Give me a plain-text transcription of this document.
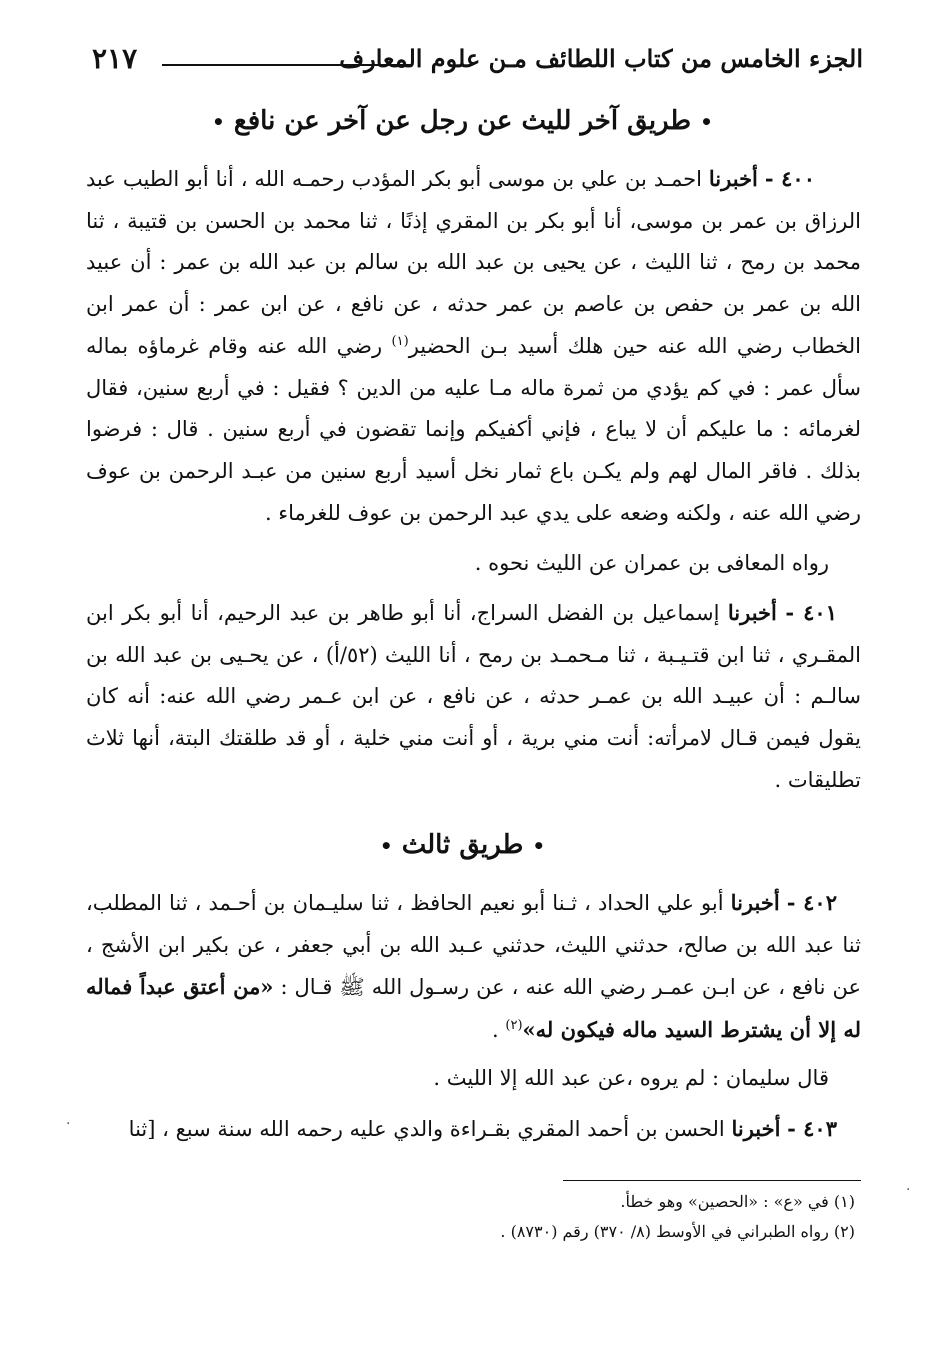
الجزء الخامس من كتاب اللطائف مـن علوم المعارف
٢١٧
• طريق آخر لليث عن رجل عن آخر عن نافع •
٤٠٠ - أخبرنا احمـد بن علي بن موسى أبو بكر المؤدب رحمـه الله ، أنا أبو الطيب عبد الرزاق بن عمر بن موسى، أنا أبو بكر بن المقري إذنًا ، ثنا محمد بن الحسن بن قتيبة ، ثنا محمد بن رمح ، ثنا الليث ، عن يحيى بن عبد الله بن سالم بن عبد الله بن عمر : أن عبيد الله بن عمر بن حفص بن عاصم بن عمر حدثه ، عن نافع ، عن ابن عمر : أن عمر ابن الخطاب رضي الله عنه حين هلك أسيد بـن الحضير$^{(١)}$ رضي الله عنه وقام غرماؤه بماله سأل عمر : في كم يؤدي من ثمرة ماله مـا عليه من الدين ؟ فقيل : في أربع سنين، فقال لغرمائه : ما عليكم أن لا يباع ، فإني أكفيكم وإنما تقضون في أربع سنين . قال : فرضوا بذلك . فاقر المال لهم ولم يكـن باع ثمار نخل أسيد أربع سنين من عبـد الرحمن بن عوف رضي الله عنه ، ولكنه وضعه على يدي عبد الرحمن بن عوف للغرماء .
رواه المعافى بن عمران عن الليث نحوه .
٤٠١ - أخبرنا إسماعيل بن الفضل السراج، أنا أبو طاهر بن عبد الرحيم، أنا أبو بكر ابن المقـري ، ثنا ابن قتـيـبة ، ثنا مـحمـد بن رمح ، أنا الليث (٥٢/أ) ، عن يحـيى بن عبد الله بن سالـم : أن عبيـد الله بن عمـر حدثه ، عن نافع ، عن ابن عـمر رضي الله عنه: أنه كان يقول فيمن قـال لامرأته: أنت مني برية ، أو أنت مني خلية ، أو قد طلقتك البتة، أنها ثلاث تطليقات .
• طريق ثالث •
٤٠٢ - أخبرنا أبو علي الحداد ، ثـنا أبو نعيم الحافظ ، ثنا سليـمان بن أحـمد ، ثنا المطلب، ثنا عبد الله بن صالح، حدثني الليث، حدثني عـبد الله بن أبي جعفر ، عن بكير ابن الأشج ، عن نافع ، عن ابـن عمـر رضي الله عنه ، عن رسـول الله ﷺ قـال : «من أعتق عبداً فماله له إلا أن يشترط السيد ماله فيكون له»$^{(٢)}$ .
قال سليمان : لم يروه ،عن عبد الله إلا الليث .
٤٠٣ - أخبرنا الحسن بن أحمد المقري بقـراءة والدي عليه رحمه الله سنة سبع ، [ثنا
(١) في «ع» : «الحصين» وهو خطأ.
(٢) رواه الطبراني في الأوسط (٨/ ٣٧٠) رقم (٨٧٣٠) .
·
·
